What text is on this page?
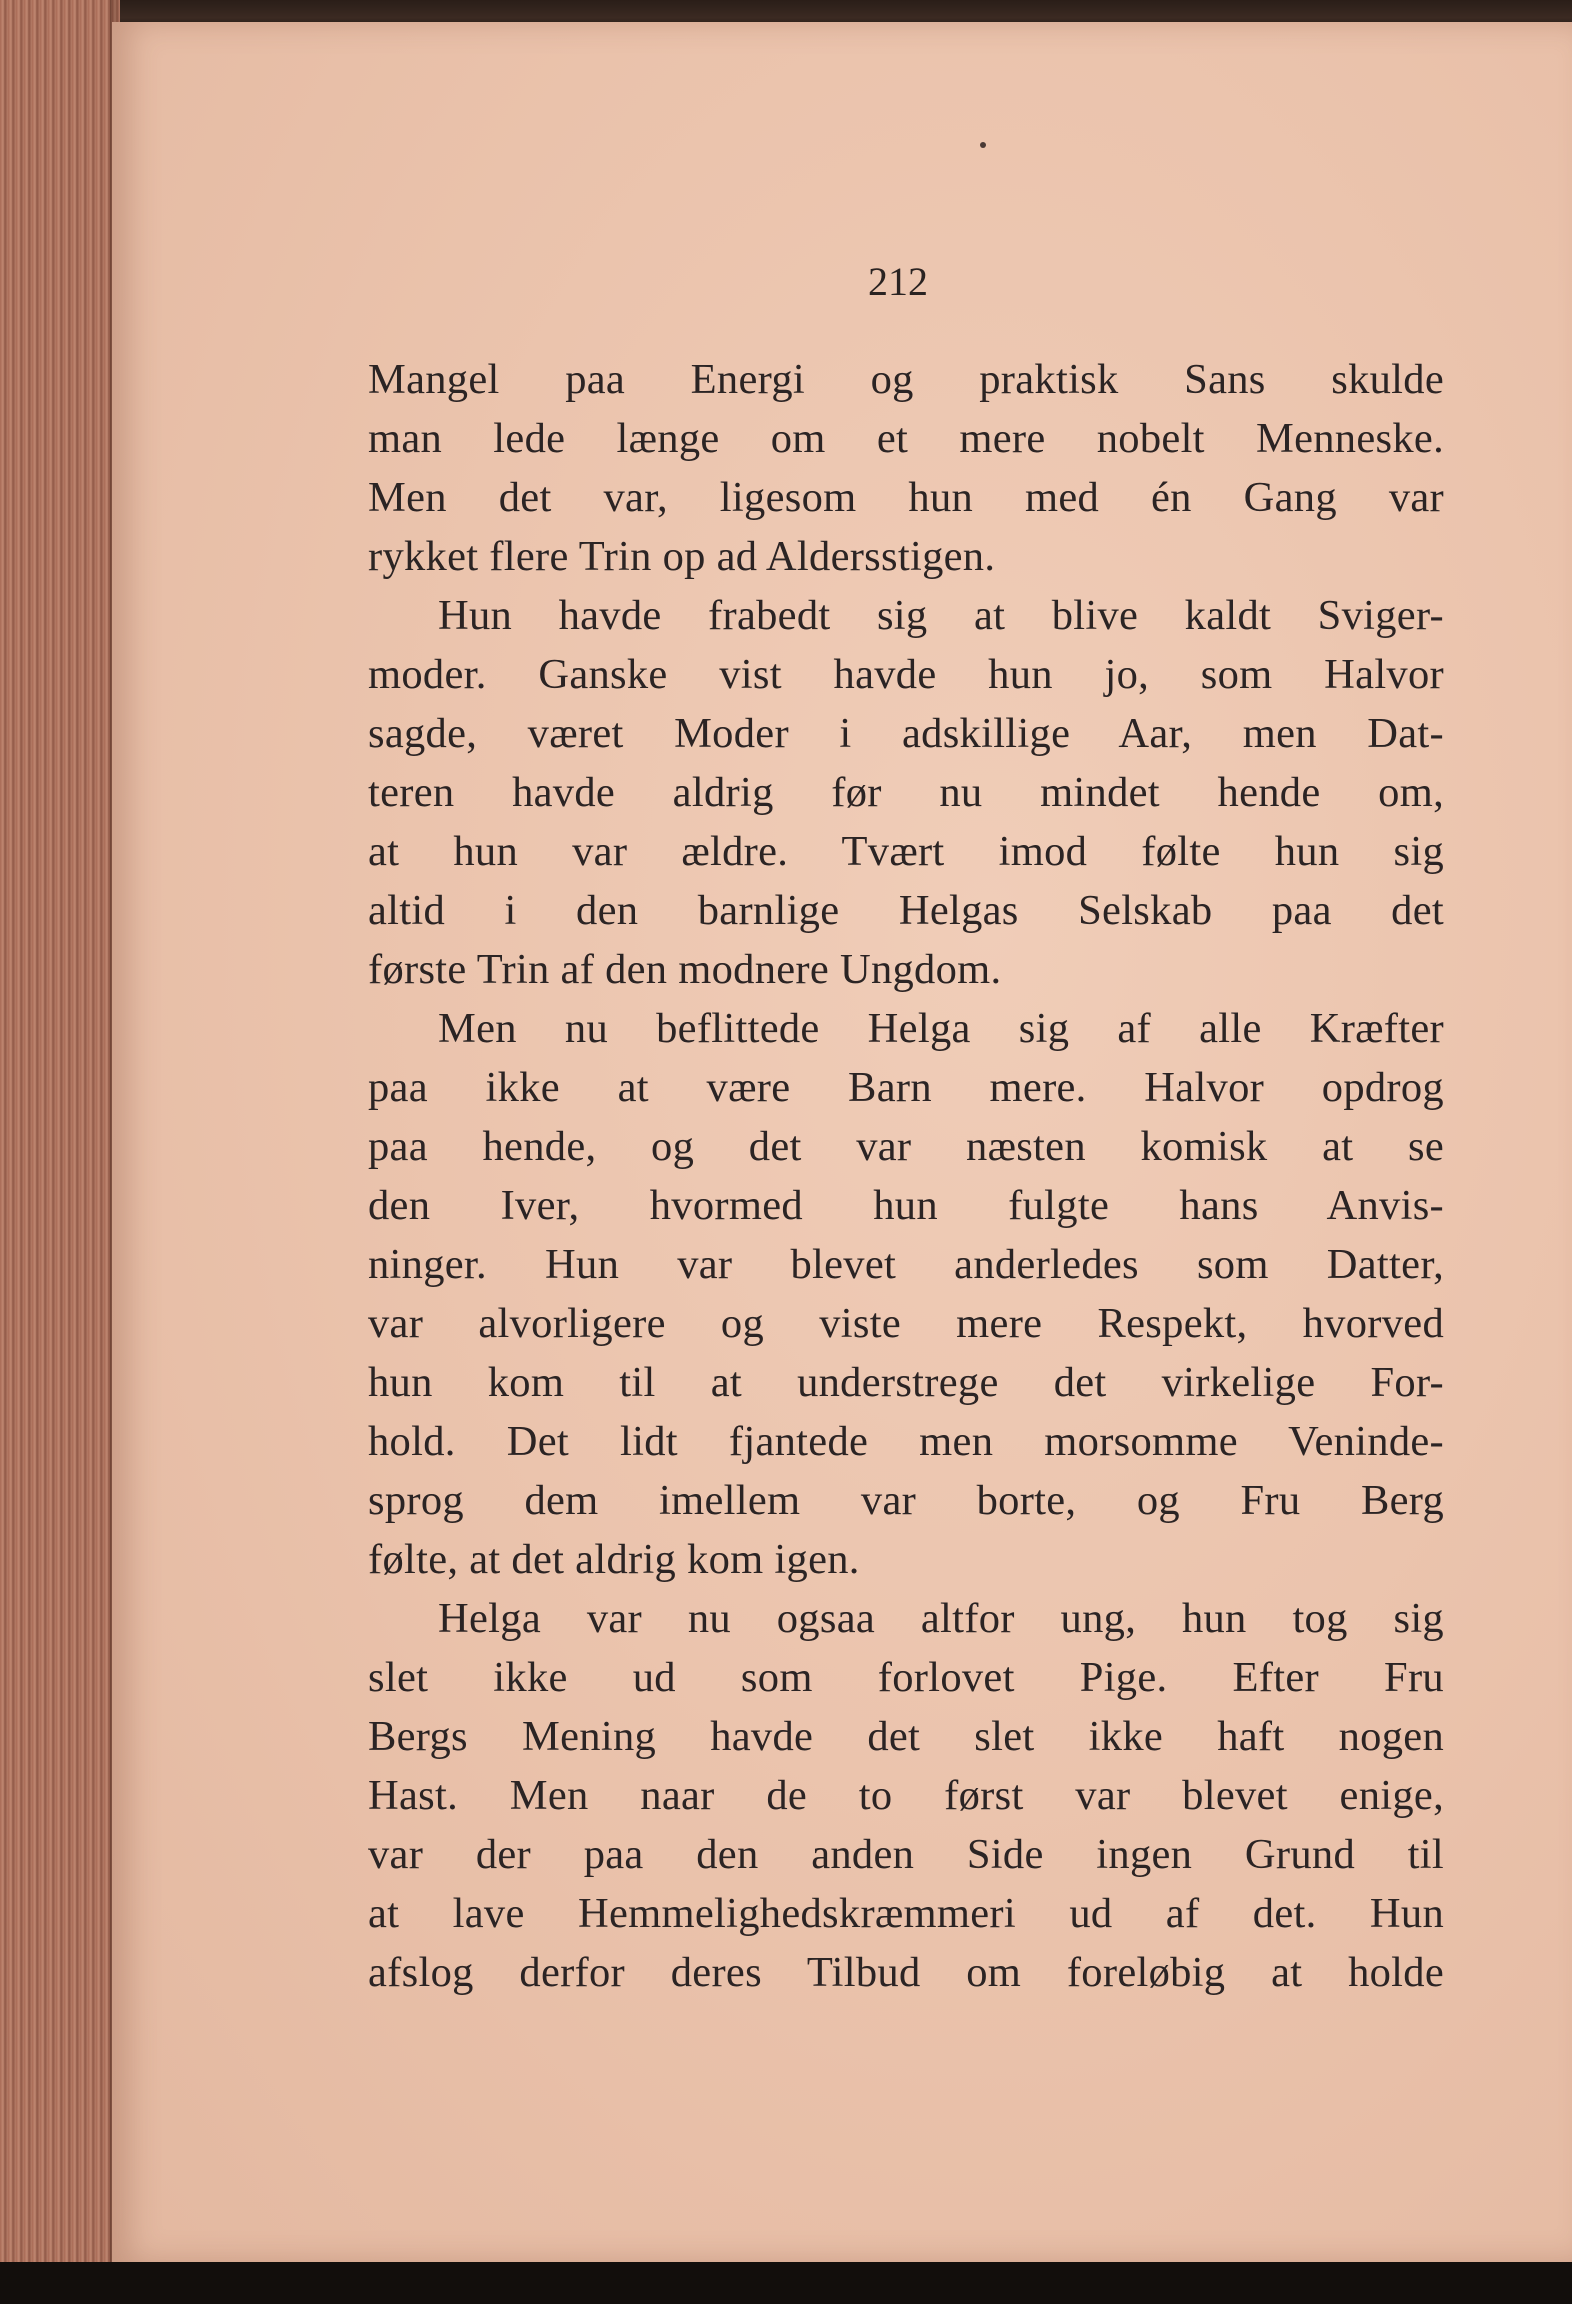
212
Mangel paa Energi og praktisk Sans skulde
man lede længe om et mere nobelt Menneske.
Men det var, ligesom hun med én Gang var
rykket flere Trin op ad Aldersstigen.
Hun havde frabedt sig at blive kaldt Sviger-
moder. Ganske vist havde hun jo, som Halvor
sagde, været Moder i adskillige Aar, men Dat-
teren havde aldrig før nu mindet hende om,
at hun var ældre. Tvært imod følte hun sig
altid i den barnlige Helgas Selskab paa det
første Trin af den modnere Ungdom.
Men nu beflittede Helga sig af alle Kræfter
paa ikke at være Barn mere. Halvor opdrog
paa hende, og det var næsten komisk at se
den Iver, hvormed hun fulgte hans Anvis-
ninger. Hun var blevet anderledes som Datter,
var alvorligere og viste mere Respekt, hvorved
hun kom til at understrege det virkelige For-
hold. Det lidt fjantede men morsomme Veninde-
sprog dem imellem var borte, og Fru Berg
følte, at det aldrig kom igen.
Helga var nu ogsaa altfor ung, hun tog sig
slet ikke ud som forlovet Pige. Efter Fru
Bergs Mening havde det slet ikke haft nogen
Hast. Men naar de to først var blevet enige,
var der paa den anden Side ingen Grund til
at lave Hemmelighedskræmmeri ud af det. Hun
afslog derfor deres Tilbud om foreløbig at holde
